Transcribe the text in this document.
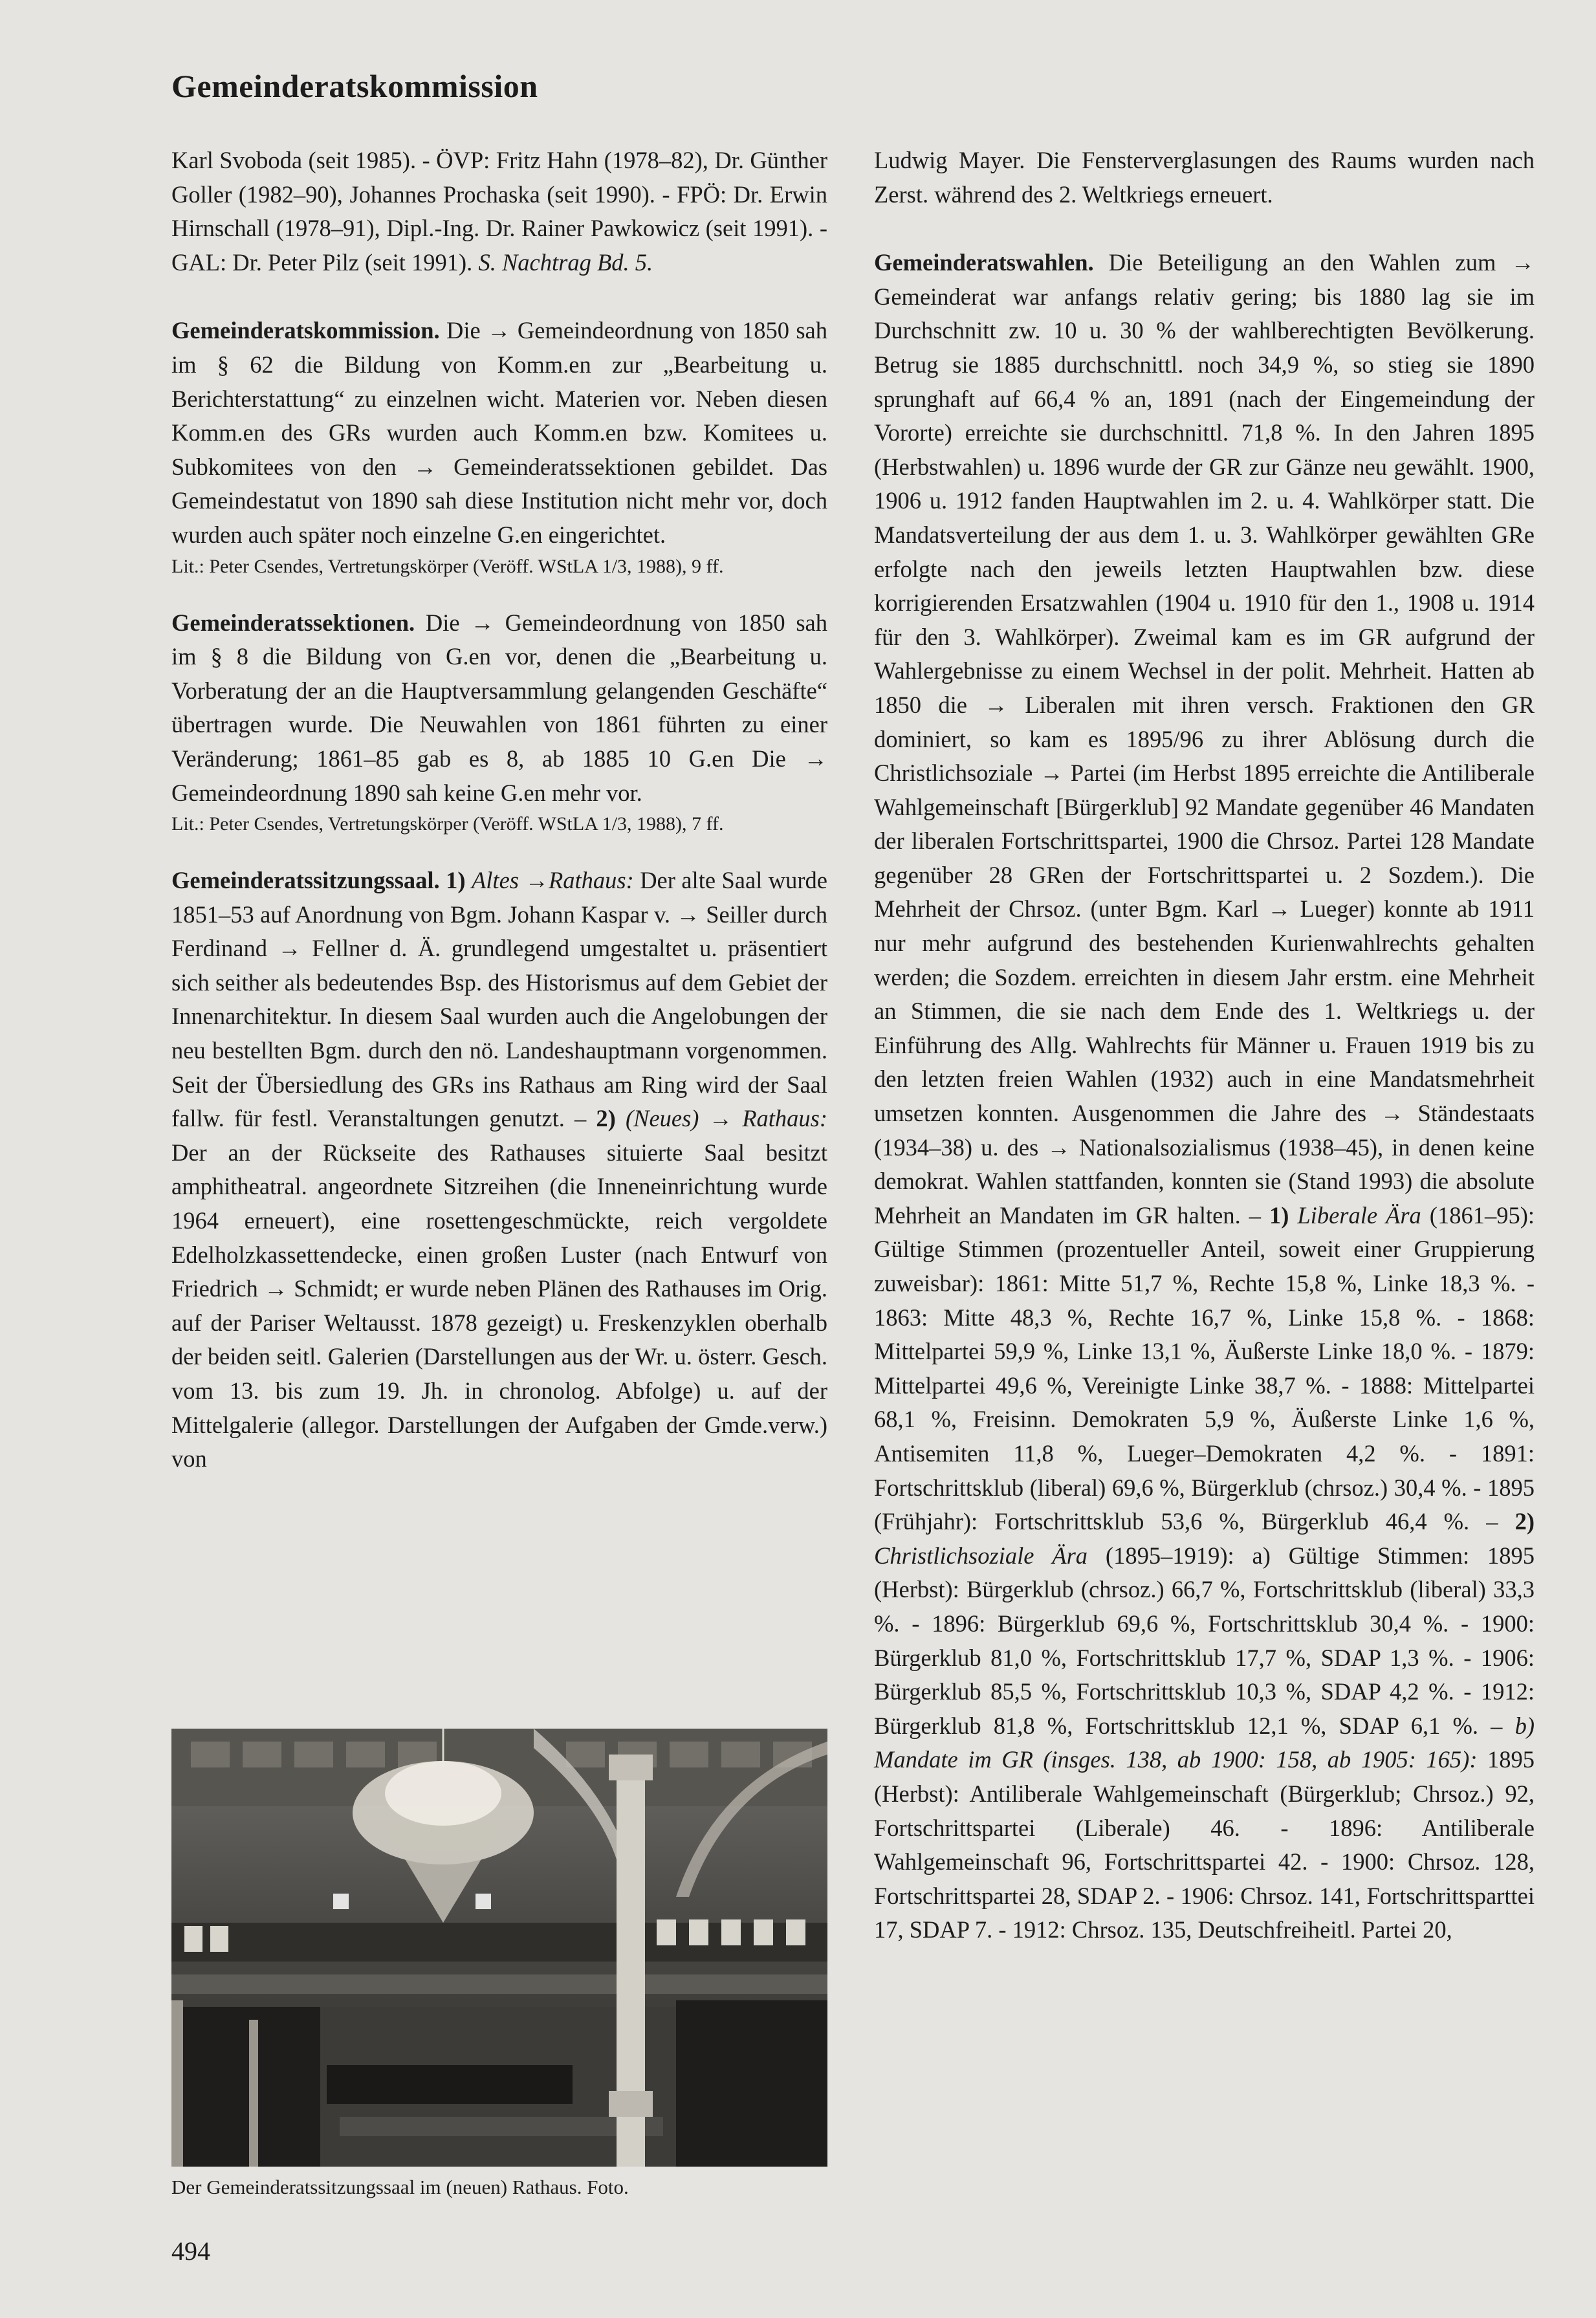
Gemeinderatskommission

Karl Svoboda (seit 1985). - ÖVP: Fritz Hahn (1978–82), Dr. Günther Goller (1982–90), Johannes Prochaska (seit 1990). - FPÖ: Dr. Erwin Hirnschall (1978–91), Dipl.-Ing. Dr. Rainer Pawkowicz (seit 1991). - GAL: Dr. Peter Pilz (seit 1991). S. Nachtrag Bd. 5.

Gemeinderatskommission. Die → Gemeindeordnung von 1850 sah im § 62 die Bildung von Komm.en zur „Bearbeitung u. Berichterstattung“ zu einzelnen wicht. Materien vor. Neben diesen Komm.en des GRs wurden auch Komm.en bzw. Komitees u. Subkomitees von den → Gemeinderatssektionen gebildet. Das Gemeindestatut von 1890 sah diese Institution nicht mehr vor, doch wurden auch später noch einzelne G.en eingerichtet.

Lit.: Peter Csendes, Vertretungskörper (Veröff. WStLA 1/3, 1988), 9 ff.

Gemeinderatssektionen. Die → Gemeindeordnung von 1850 sah im § 8 die Bildung von G.en vor, denen die „Bearbeitung u. Vorberatung der an die Hauptversammlung gelangenden Geschäfte“ übertragen wurde. Die Neuwahlen von 1861 führten zu einer Veränderung; 1861–85 gab es 8, ab 1885 10 G.en Die → Gemeindeordnung 1890 sah keine G.en mehr vor.

Lit.: Peter Csendes, Vertretungskörper (Veröff. WStLA 1/3, 1988), 7 ff.

Gemeinderatssitzungssaal. 1) Altes →Rathaus: Der alte Saal wurde 1851–53 auf Anordnung von Bgm. Johann Kaspar v. → Seiller durch Ferdinand → Fellner d. Ä. grundlegend umgestaltet u. präsentiert sich seither als bedeutendes Bsp. des Historismus auf dem Gebiet der Innenarchitektur. In diesem Saal wurden auch die Angelobungen der neu bestellten Bgm. durch den nö. Landeshauptmann vorgenommen. Seit der Übersiedlung des GRs ins Rathaus am Ring wird der Saal fallw. für festl. Veranstaltungen genutzt. – 2) (Neues) → Rathaus: Der an der Rückseite des Rathauses situierte Saal besitzt amphitheatral. angeordnete Sitzreihen (die Inneneinrichtung wurde 1964 erneuert), eine rosettengeschmückte, reich vergoldete Edelholzkassettendecke, einen großen Luster (nach Entwurf von Friedrich → Schmidt; er wurde neben Plänen des Rathauses im Orig. auf der Pariser Weltausst. 1878 gezeigt) u. Freskenzyklen oberhalb der beiden seitl. Galerien (Darstellungen aus der Wr. u. österr. Gesch. vom 13. bis zum 19. Jh. in chronolog. Abfolge) u. auf der Mittelgalerie (allegor. Darstellungen der Aufgaben der Gmde.verw.) von

Der Gemeinderatssitzungssaal im (neuen) Rathaus. Foto.

Ludwig Mayer. Die Fensterverglasungen des Raums wurden nach Zerst. während des 2. Weltkriegs erneuert.

Gemeinderatswahlen. Die Beteiligung an den Wahlen zum → Gemeinderat war anfangs relativ gering; bis 1880 lag sie im Durchschnitt zw. 10 u. 30 % der wahlberechtigten Bevölkerung. Betrug sie 1885 durchschnittl. noch 34,9 %, so stieg sie 1890 sprunghaft auf 66,4 % an, 1891 (nach der Eingemeindung der Vororte) erreichte sie durchschnittl. 71,8 %. In den Jahren 1895 (Herbstwahlen) u. 1896 wurde der GR zur Gänze neu gewählt. 1900, 1906 u. 1912 fanden Hauptwahlen im 2. u. 4. Wahlkörper statt. Die Mandatsverteilung der aus dem 1. u. 3. Wahlkörper gewählten GRe erfolgte nach den jeweils letzten Hauptwahlen bzw. diese korrigierenden Ersatzwahlen (1904 u. 1910 für den 1., 1908 u. 1914 für den 3. Wahlkörper). Zweimal kam es im GR aufgrund der Wahlergebnisse zu einem Wechsel in der polit. Mehrheit. Hatten ab 1850 die → Liberalen mit ihren versch. Fraktionen den GR dominiert, so kam es 1895/96 zu ihrer Ablösung durch die Christlichsoziale → Partei (im Herbst 1895 erreichte die Antiliberale Wahlgemeinschaft [Bürgerklub] 92 Mandate gegenüber 46 Mandaten der liberalen Fortschrittspartei, 1900 die Chrsoz. Partei 128 Mandate gegenüber 28 GRen der Fortschrittspartei u. 2 Sozdem.). Die Mehrheit der Chrsoz. (unter Bgm. Karl → Lueger) konnte ab 1911 nur mehr aufgrund des bestehenden Kurienwahlrechts gehalten werden; die Sozdem. erreichten in diesem Jahr erstm. eine Mehrheit an Stimmen, die sie nach dem Ende des 1. Weltkriegs u. der Einführung des Allg. Wahlrechts für Männer u. Frauen 1919 bis zu den letzten freien Wahlen (1932) auch in eine Mandatsmehrheit umsetzen konnten. Ausgenommen die Jahre des → Ständestaats (1934–38) u. des → Nationalsozialismus (1938–45), in denen keine demokrat. Wahlen stattfanden, konnten sie (Stand 1993) die absolute Mehrheit an Mandaten im GR halten. – 1) Liberale Ära (1861–95): Gültige Stimmen (prozentueller Anteil, soweit einer Gruppierung zuweisbar): 1861: Mitte 51,7 %, Rechte 15,8 %, Linke 18,3 %. - 1863: Mitte 48,3 %, Rechte 16,7 %, Linke 15,8 %. - 1868: Mittelpartei 59,9 %, Linke 13,1 %, Äußerste Linke 18,0 %. - 1879: Mittelpartei 49,6 %, Vereinigte Linke 38,7 %. - 1888: Mittelpartei 68,1 %, Freisinn. Demokraten 5,9 %, Äußerste Linke 1,6 %, Antisemiten 11,8 %, Lueger–Demokraten 4,2 %. - 1891: Fortschrittsklub (liberal) 69,6 %, Bürgerklub (chrsoz.) 30,4 %. - 1895 (Frühjahr): Fortschrittsklub 53,6 %, Bürgerklub 46,4 %. – 2) Christlichsoziale Ära (1895–1919): a) Gültige Stimmen: 1895 (Herbst): Bürgerklub (chrsoz.) 66,7 %, Fortschrittsklub (liberal) 33,3 %. - 1896: Bürgerklub 69,6 %, Fortschrittsklub 30,4 %. - 1900: Bürgerklub 81,0 %, Fortschrittsklub 17,7 %, SDAP 1,3 %. - 1906: Bürgerklub 85,5 %, Fortschrittsklub 10,3 %, SDAP 4,2 %. - 1912: Bürgerklub 81,8 %, Fortschrittsklub 12,1 %, SDAP 6,1 %. – b) Mandate im GR (insges. 138, ab 1900: 158, ab 1905: 165): 1895 (Herbst): Antiliberale Wahlgemeinschaft (Bürgerklub; Chrsoz.) 92, Fortschrittspartei (Liberale) 46. - 1896: Antiliberale Wahlgemeinschaft 96, Fortschrittspartei 42. - 1900: Chrsoz. 128, Fortschrittspartei 28, SDAP 2. - 1906: Chrsoz. 141, Fortschrittsparttei 17, SDAP 7. - 1912: Chrsoz. 135, Deutschfreiheitl. Partei 20,

494
